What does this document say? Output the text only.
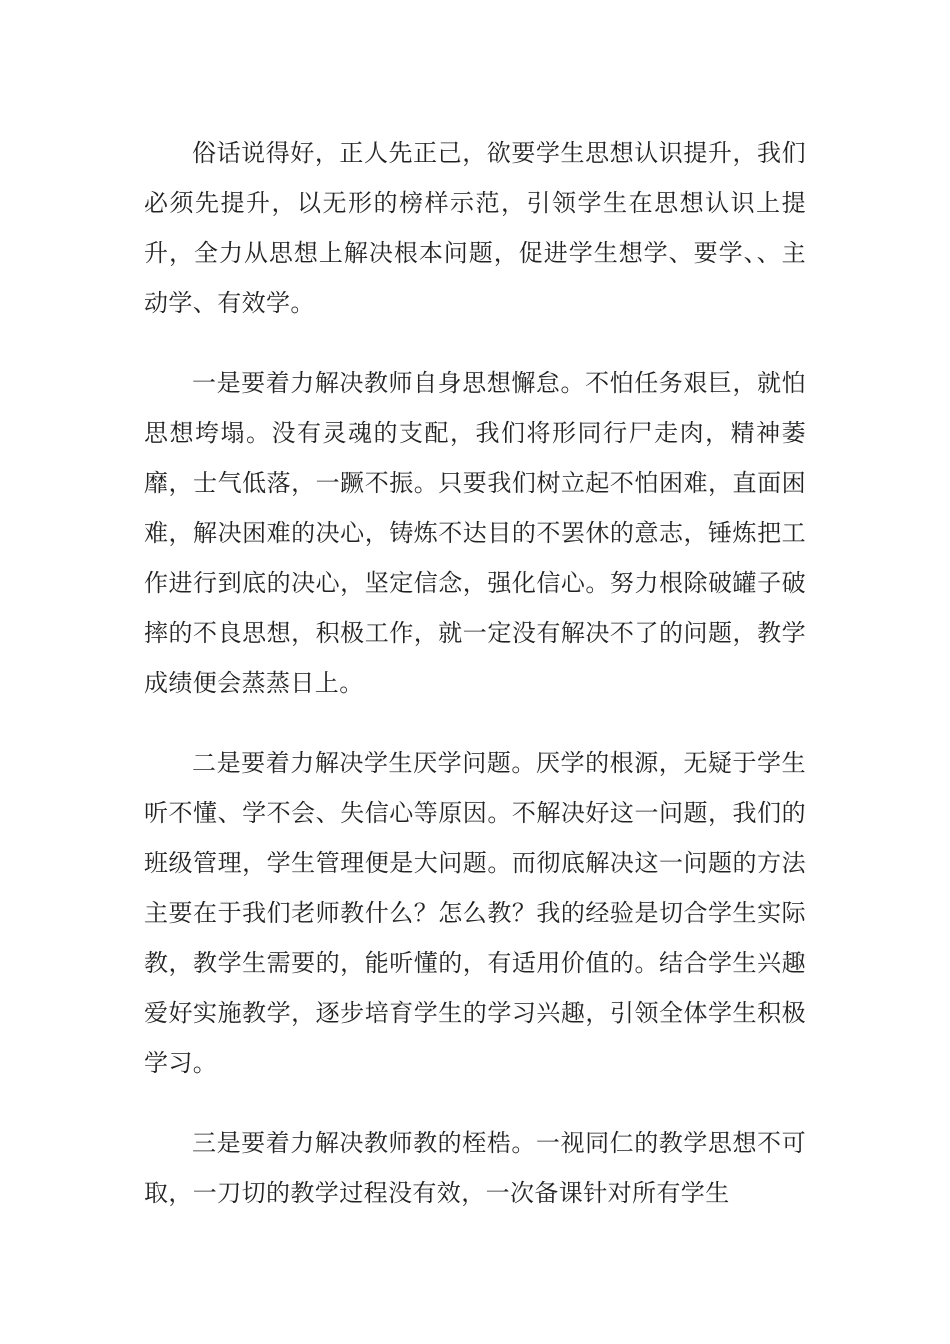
俗话说得好，正人先正己，欲要学生思想认识提升，我们必须先提升，以无形的榜样示范，引领学生在思想认识上提升，全力从思想上解决根本问题，促进学生想学、要学、、主动学、有效学。

一是要着力解决教师自身思想懈怠。不怕任务艰巨，就怕思想垮塌。没有灵魂的支配，我们将形同行尸走肉，精神萎靡，士气低落，一蹶不振。只要我们树立起不怕困难，直面困难，解决困难的决心，铸炼不达目的不罢休的意志，锤炼把工作进行到底的决心，坚定信念，强化信心。努力根除破罐子破摔的不良思想，积极工作，就一定没有解决不了的问题，教学成绩便会蒸蒸日上。

二是要着力解决学生厌学问题。厌学的根源，无疑于学生听不懂、学不会、失信心等原因。不解决好这一问题，我们的班级管理，学生管理便是大问题。而彻底解决这一问题的方法主要在于我们老师教什么？怎么教？我的经验是切合学生实际教，教学生需要的，能听懂的，有适用价值的。结合学生兴趣爱好实施教学，逐步培育学生的学习兴趣，引领全体学生积极学习。

三是要着力解决教师教的桎梏。一视同仁的教学思想不可取，一刀切的教学过程没有效，一次备课针对所有学生
